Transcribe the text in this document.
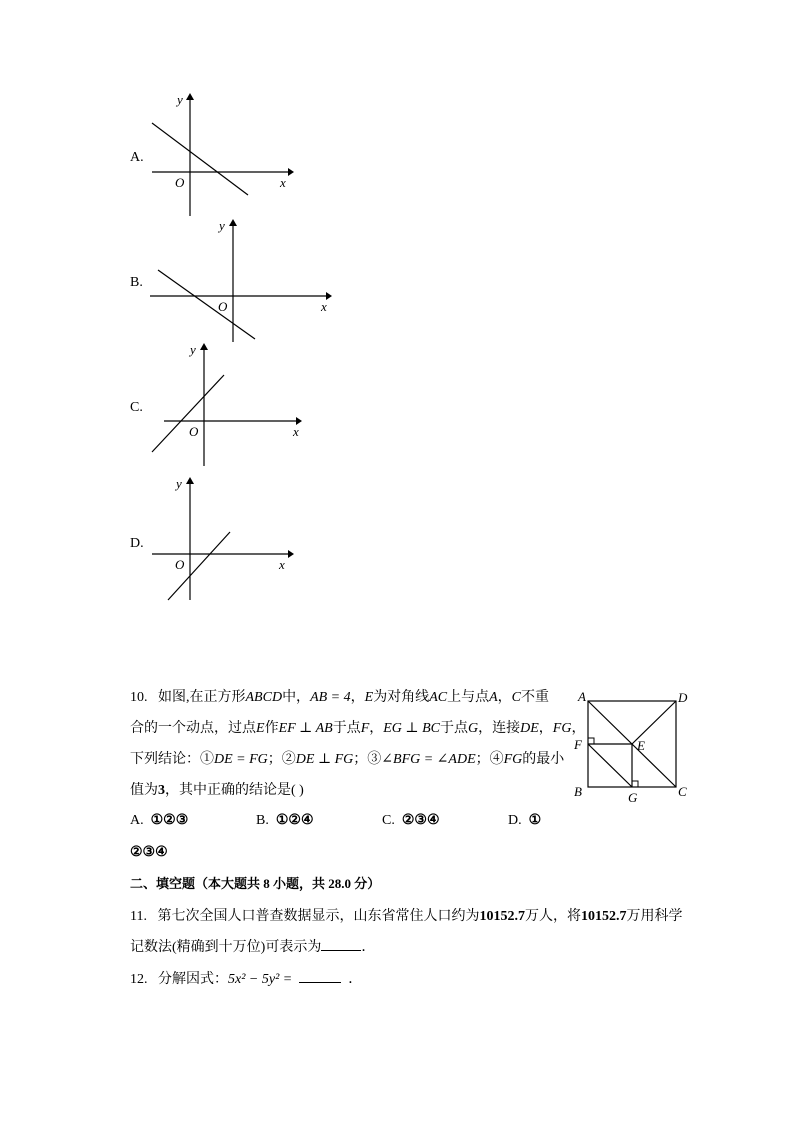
A.
y
O	x
B.
y
O	x
C.
y
O	x
D.
y
O	x
10. 如图,在正方形ABCD中，AB = 4，E为对角线AC上与点A，C不重
合的一个动点，过点E作EF ⊥ AB于点F，EG ⊥ BC于点G，连接DE，FG，
下列结论：①DE = FG；②DE ⊥ FG；③∠BFG = ∠ADE；④FG的最小
值为3，其中正确的结论是( )
A. ①②③	B. ①②④	C. ②③④	D. ①
②③④
A	D
F	E
B	G	C
二、填空题（本大题共 8 小题，共 28.0 分）
11. 第七次全国人口普查数据显示，山东省常住人口约为10152.7万人，将10152.7万用科学
记数法(精确到十万位)可表示为	．
12. 分解因式：5x² − 5y² =	．
